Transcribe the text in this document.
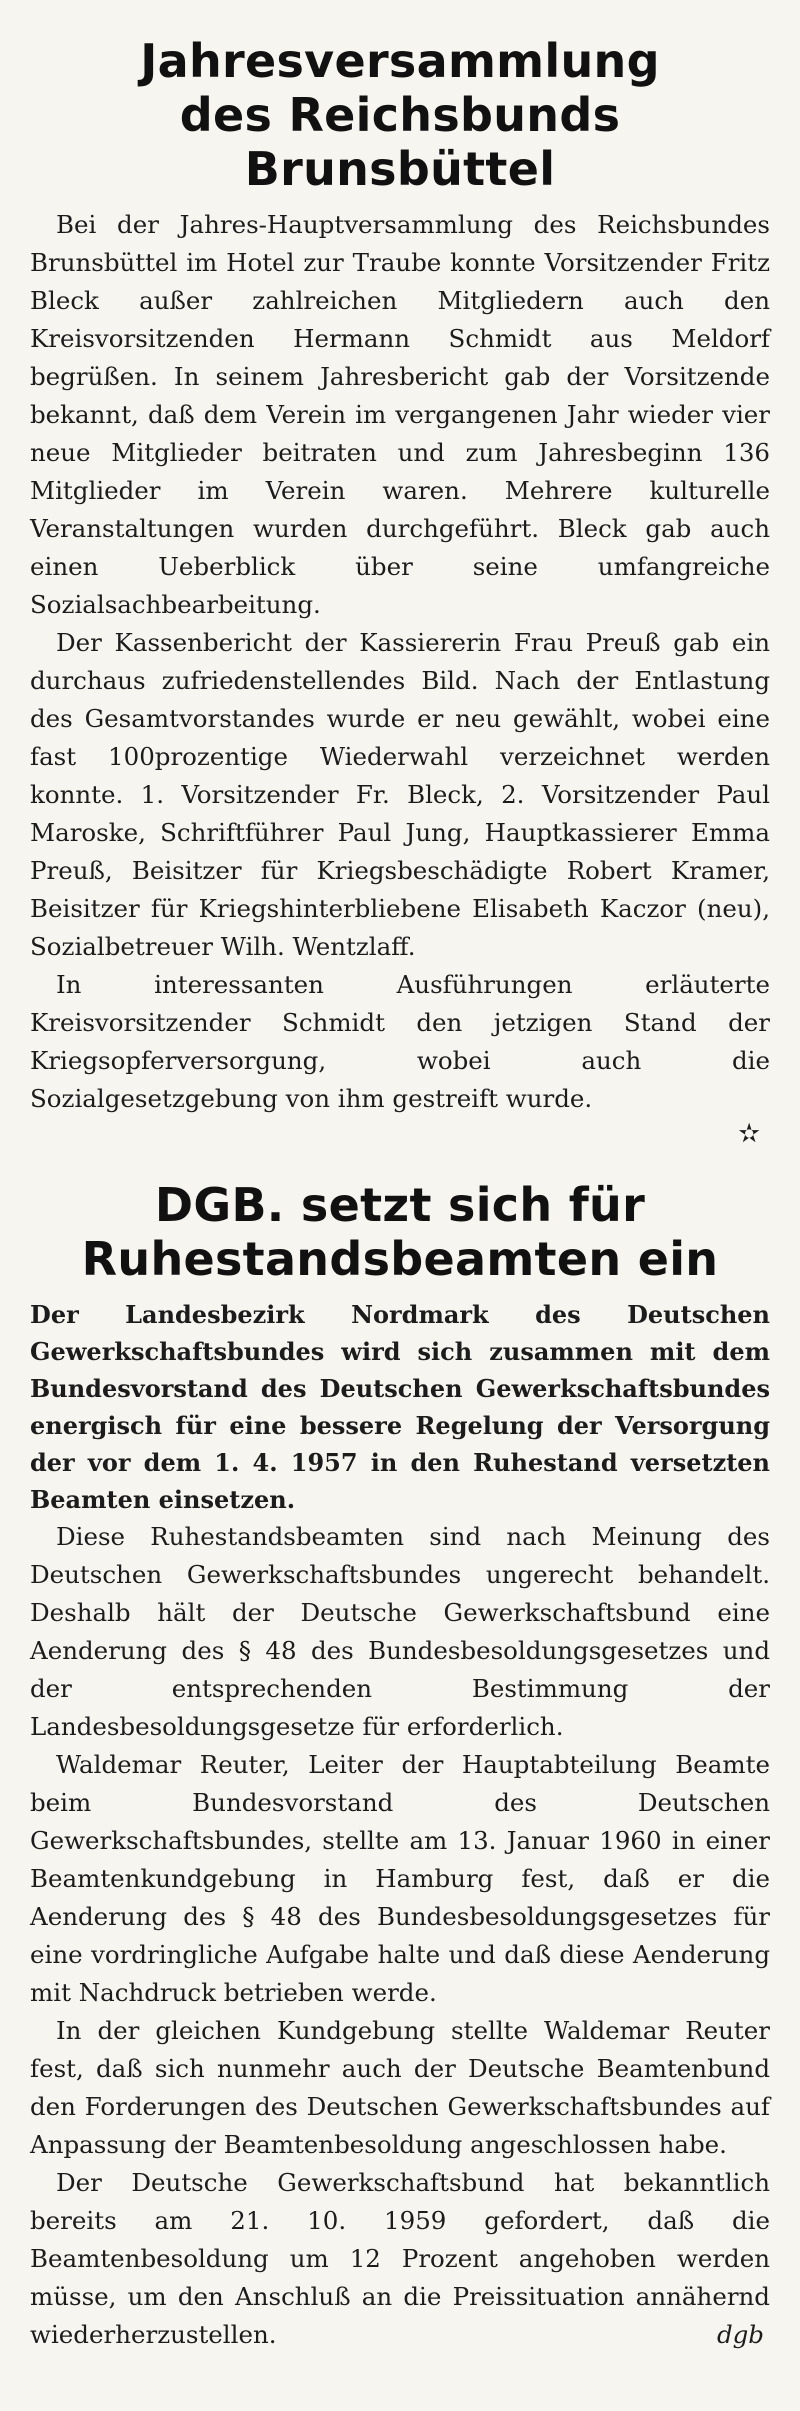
Jahresversammlung
des Reichsbunds Brunsbüttel

Bei der Jahres-Hauptversammlung des Reichsbundes Brunsbüttel im Hotel zur Traube konnte Vorsitzender Fritz Bleck außer zahlreichen Mitgliedern auch den Kreisvorsitzenden Hermann Schmidt aus Meldorf begrüßen. In seinem Jahresbericht gab der Vorsitzende bekannt, daß dem Verein im vergangenen Jahr wieder vier neue Mitglieder beitraten und zum Jahresbeginn 136 Mitglieder im Verein waren. Mehrere kulturelle Veranstaltungen wurden durchgeführt. Bleck gab auch einen Ueberblick über seine umfangreiche Sozialsachbearbeitung.

Der Kassenbericht der Kassiererin Frau Preuß gab ein durchaus zufriedenstellendes Bild. Nach der Entlastung des Gesamtvorstandes wurde er neu gewählt, wobei eine fast 100prozentige Wiederwahl verzeichnet werden konnte. 1. Vorsitzender Fr. Bleck, 2. Vorsitzender Paul Maroske, Schriftführer Paul Jung, Hauptkassierer Emma Preuß, Beisitzer für Kriegsbeschädigte Robert Kramer, Beisitzer für Kriegshinterbliebene Elisabeth Kaczor (neu), Sozialbetreuer Wilh. Wentzlaff.

In interessanten Ausführungen erläuterte Kreisvorsitzender Schmidt den jetzigen Stand der Kriegsopferversorgung, wobei auch die Sozialgesetzgebung von ihm gestreift wurde.

✫
DGB. setzt sich für
Ruhestandsbeamten ein

Der Landesbezirk Nordmark des Deutschen Gewerkschaftsbundes wird sich zusammen mit dem Bundesvorstand des Deutschen Gewerkschaftsbundes energisch für eine bessere Regelung der Versorgung der vor dem 1. 4. 1957 in den Ruhestand versetzten Beamten einsetzen.

Diese Ruhestandsbeamten sind nach Meinung des Deutschen Gewerkschaftsbundes ungerecht behandelt. Deshalb hält der Deutsche Gewerkschaftsbund eine Aenderung des § 48 des Bundesbesoldungsgesetzes und der entsprechenden Bestimmung der Landesbesoldungsgesetze für erforderlich.

Waldemar Reuter, Leiter der Hauptabteilung Beamte beim Bundesvorstand des Deutschen Gewerkschaftsbundes, stellte am 13. Januar 1960 in einer Beamtenkundgebung in Hamburg fest, daß er die Aenderung des § 48 des Bundesbesoldungsgesetzes für eine vordringliche Aufgabe halte und daß diese Aenderung mit Nachdruck betrieben werde.

In der gleichen Kundgebung stellte Waldemar Reuter fest, daß sich nunmehr auch der Deutsche Beamtenbund den Forderungen des Deutschen Gewerkschaftsbundes auf Anpassung der Beamtenbesoldung angeschlossen habe.

Der Deutsche Gewerkschaftsbund hat bekanntlich bereits am 21. 10. 1959 gefordert, daß die Beamtenbesoldung um 12 Prozent angehoben werden müsse, um den Anschluß an die Preissituation annähernd wiederherzustellen.	dgb
